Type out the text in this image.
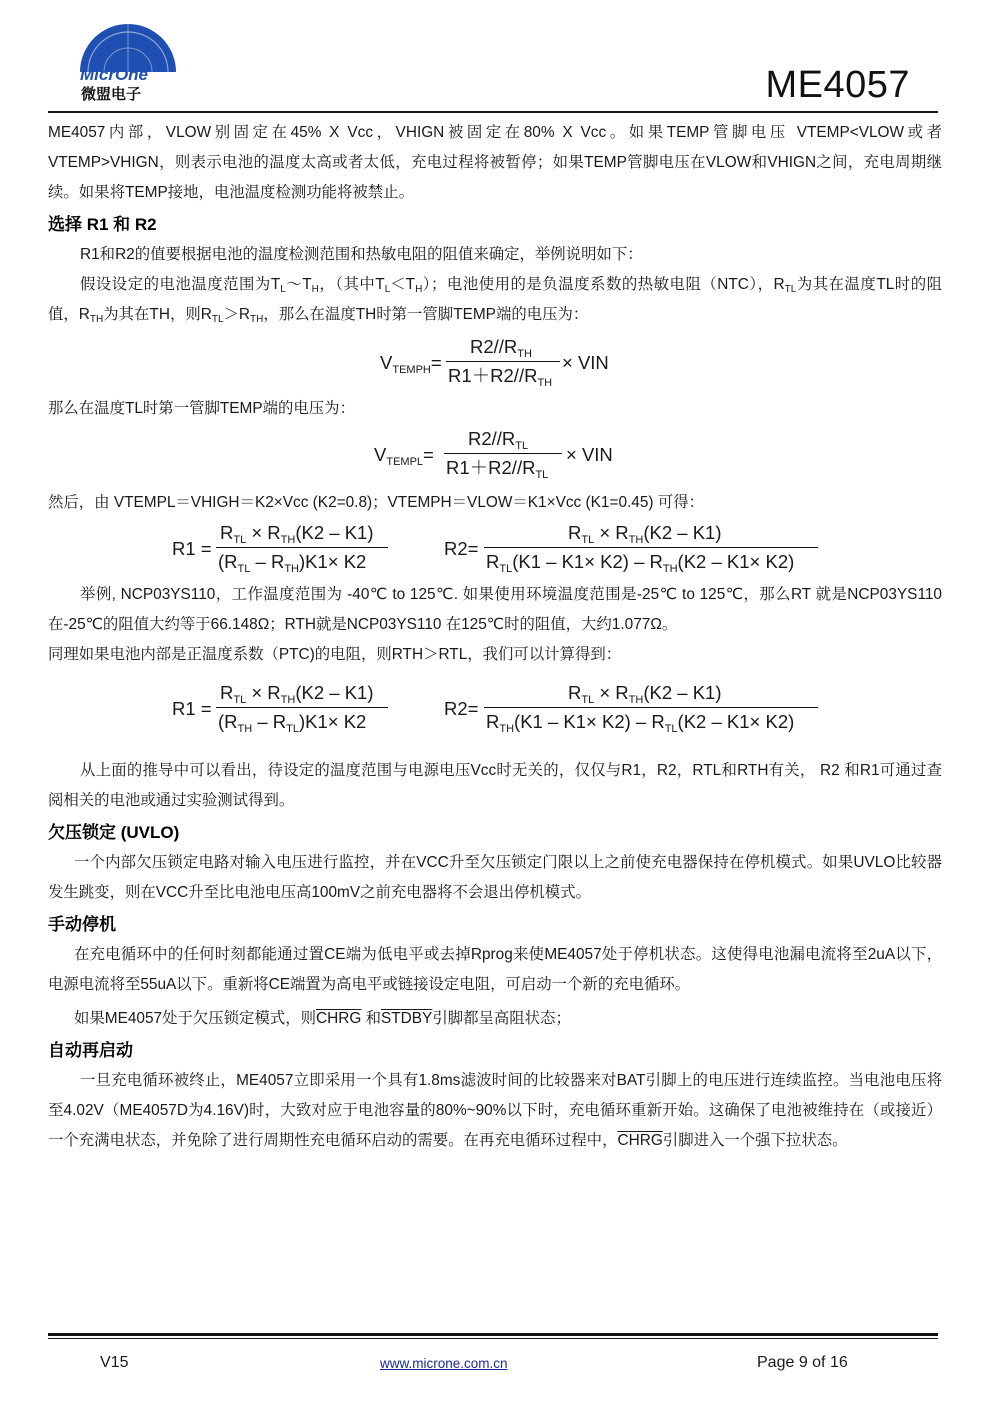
MicrOne
微盟电子	ME4057

ME4057内部，VLOW别固定在45% X Vcc，VHIGN被固定在80% X Vcc。如果TEMP管脚电压 VTEMP<VLOW或者VTEMP>VHIGN，则表示电池的温度太高或者太低，充电过程将被暂停；如果TEMP管脚电压在VLOW和VHIGN之间，充电周期继续。如果将TEMP接地，电池温度检测功能将被禁止。

选择 R1 和 R2

R1和R2的值要根据电池的温度检测范围和热敏电阻的阻值来确定，举例说明如下：

假设设定的电池温度范围为$T_L\sim T_H$，（其中$T_L<T_H$）；电池使用的是负温度系数的热敏电阻（NTC），$R_{TL}$为其在温度TL时的阻值，$R_{TH}$为其在TH，则$R_{TL}>R_{TH}$，那么在温度TH时第一管脚TEMP端的电压为：

$V_{TEMPH}=$
$R2//R_{TH}$
$R1+R2//R_{TH}$
× VIN

那么在温度TL时第一管脚TEMP端的电压为：

$V_{TEMPL}=$
$R2//R_{TL}$
$R1+R2//R_{TL}$
× VIN

然后，由 VTEMPL＝VHIGH＝K2×Vcc (K2=0.8)；VTEMPH＝VLOW＝K1×Vcc (K1=0.45) 可得：

R1 =
$R_{TL} \times R_{TH}(K2 - K1)$
$(R_{TL} - R_{TH})K1\times K2$
R2=
$R_{TL} \times R_{TH}(K2 - K1)$
$R_{TL}(K1 - K1\times K2) - R_{TH}(K2 - K1\times K2)$

举例, NCP03YS110，工作温度范围为 -40℃ to 125℃. 如果使用环境温度范围是-25℃ to 125℃，那么RT 就是NCP03YS110在-25℃的阻值大约等于66.148Ω；RTH就是NCP03YS110 在125℃时的阻值，大约1.077Ω。

同理如果电池内部是正温度系数（PTC)的电阻，则RTH＞RTL，我们可以计算得到：

R1 =
$R_{TL} \times R_{TH}(K2 - K1)$
$(R_{TH} - R_{TL})K1\times K2$
R2=
$R_{TL} \times R_{TH}(K2 - K1)$
$R_{TH}(K1 - K1\times K2) - R_{TL}(K2 - K1\times K2)$

从上面的推导中可以看出，待设定的温度范围与电源电压Vcc时无关的，仅仅与R1，R2，RTL和RTH有关， R2 和R1可通过查阅相关的电池或通过实验测试得到。

欠压锁定 (UVLO)

一个内部欠压锁定电路对输入电压进行监控，并在VCC升至欠压锁定门限以上之前使充电器保持在停机模式。如果UVLO比较器发生跳变，则在VCC升至比电池电压高100mV之前充电器将不会退出停机模式。

手动停机

在充电循环中的任何时刻都能通过置CE端为低电平或去掉Rprog来使ME4057处于停机状态。这使得电池漏电流将至2uA以下，电源电流将至55uA以下。重新将CE端置为高电平或链接设定电阻，可启动一个新的充电循环。

如果ME4057处于欠压锁定模式，则CHRG 和STDBY引脚都呈高阻状态；

自动再启动

一旦充电循环被终止，ME4057立即采用一个具有1.8ms滤波时间的比较器来对BAT引脚上的电压进行连续监控。当电池电压将至4.02V（ME4057D为4.16V)时，大致对应于电池容量的80%~90%以下时，充电循环重新开始。这确保了电池被维持在（或接近）一个充满电状态，并免除了进行周期性充电循环启动的需要。在再充电循环过程中，CHRG引脚进入一个强下拉状态。

V15	www.microne.com.cn	Page 9 of 16
